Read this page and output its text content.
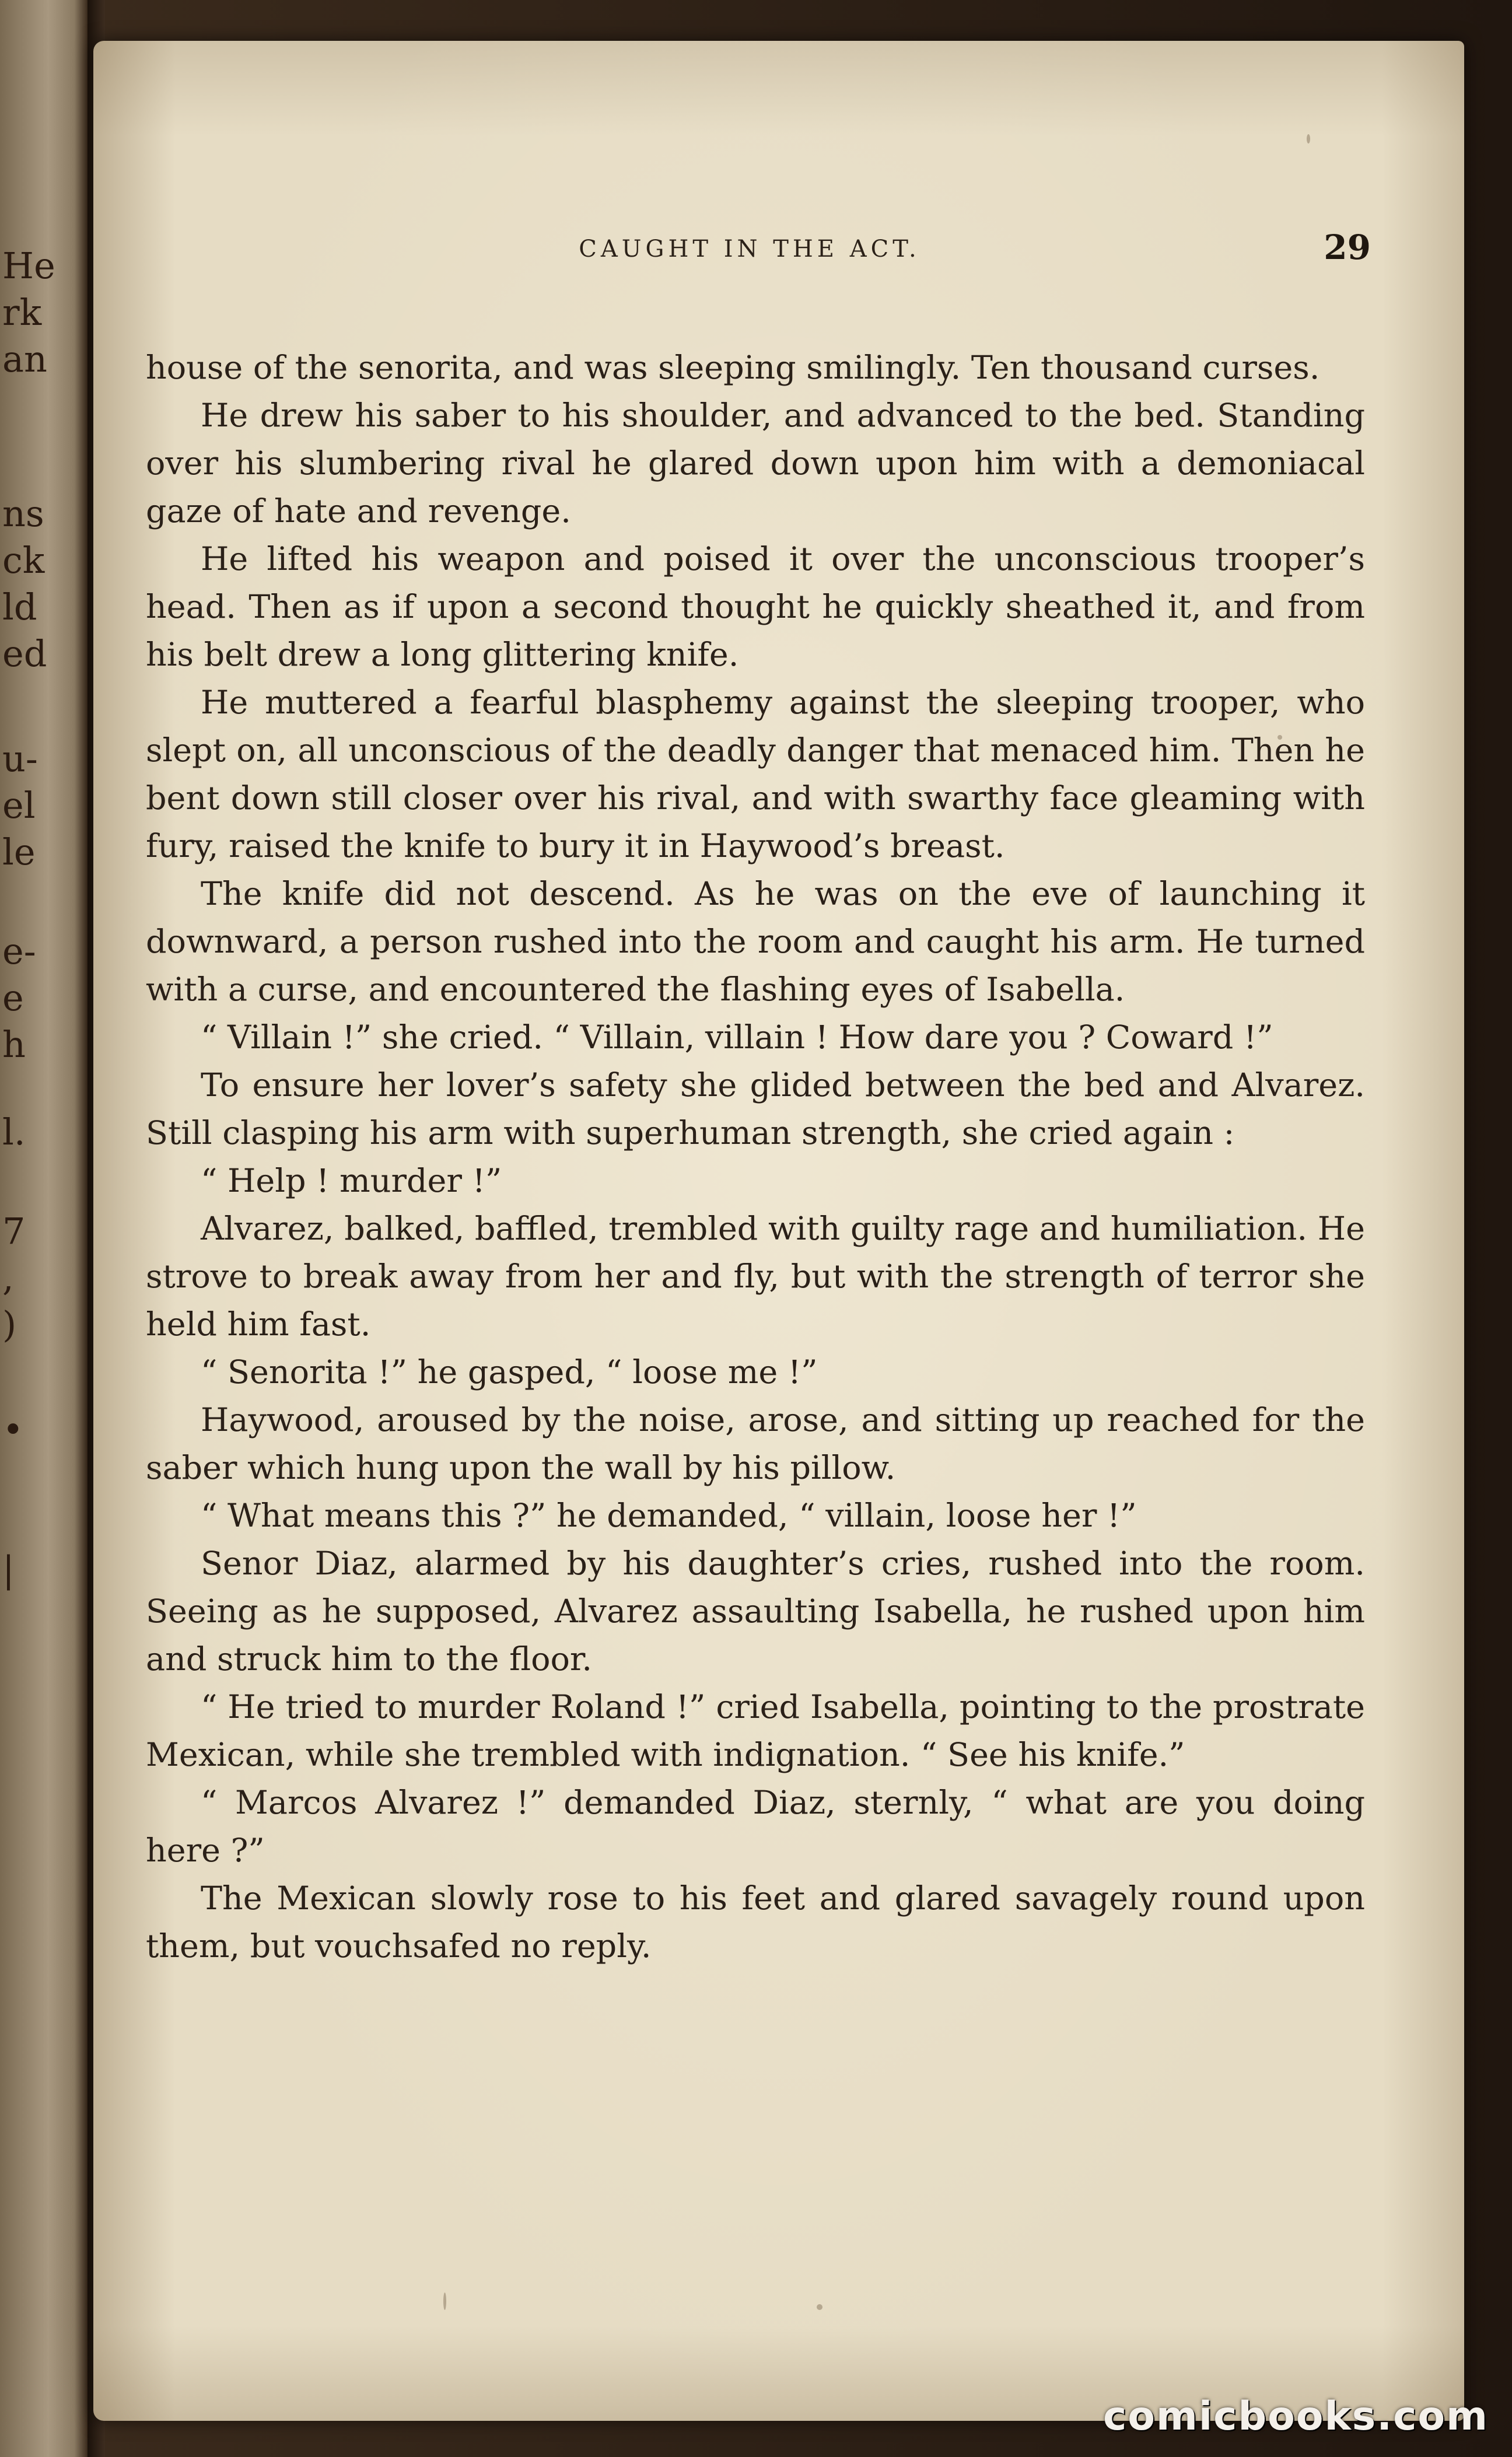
He
rk
an
ns
ck
ld
ed
u-
el
le
e-
e
h
l.
7
,
)
•
|
CAUGHT IN THE ACT.	29

house of the senorita, and was sleeping smilingly. Ten thousand curses.

He drew his saber to his shoulder, and advanced to the bed. Standing over his slumbering rival he glared down upon him with a demoniacal gaze of hate and revenge.

He lifted his weapon and poised it over the unconscious trooper’s head. Then as if upon a second thought he quickly sheathed it, and from his belt drew a long glittering knife.

He muttered a fearful blasphemy against the sleeping trooper, who slept on, all unconscious of the deadly danger that menaced him. Then he bent down still closer over his rival, and with swarthy face gleaming with fury, raised the knife to bury it in Haywood’s breast.

The knife did not descend. As he was on the eve of launching it downward, a person rushed into the room and caught his arm. He turned with a curse, and encountered the flashing eyes of Isabella.

“ Villain !” she cried. “ Villain, villain ! How dare you ? Coward !”

To ensure her lover’s safety she glided between the bed and Alvarez. Still clasping his arm with superhuman strength, she cried again :

“ Help ! murder !”

Alvarez, balked, baffled, trembled with guilty rage and humiliation. He strove to break away from her and fly, but with the strength of terror she held him fast.

“ Senorita !” he gasped, “ loose me !”

Haywood, aroused by the noise, arose, and sitting up reached for the saber which hung upon the wall by his pillow.

“ What means this ?” he demanded, “ villain, loose her !”

Senor Diaz, alarmed by his daughter’s cries, rushed into the room. Seeing as he supposed, Alvarez assaulting Isabella, he rushed upon him and struck him to the floor.

“ He tried to murder Roland !” cried Isabella, pointing to the prostrate Mexican, while she trembled with indignation. “ See his knife.”

“ Marcos Alvarez !” demanded Diaz, sternly, “ what are you doing here ?”

The Mexican slowly rose to his feet and glared savagely round upon them, but vouchsafed no reply.

comicbooks.com
